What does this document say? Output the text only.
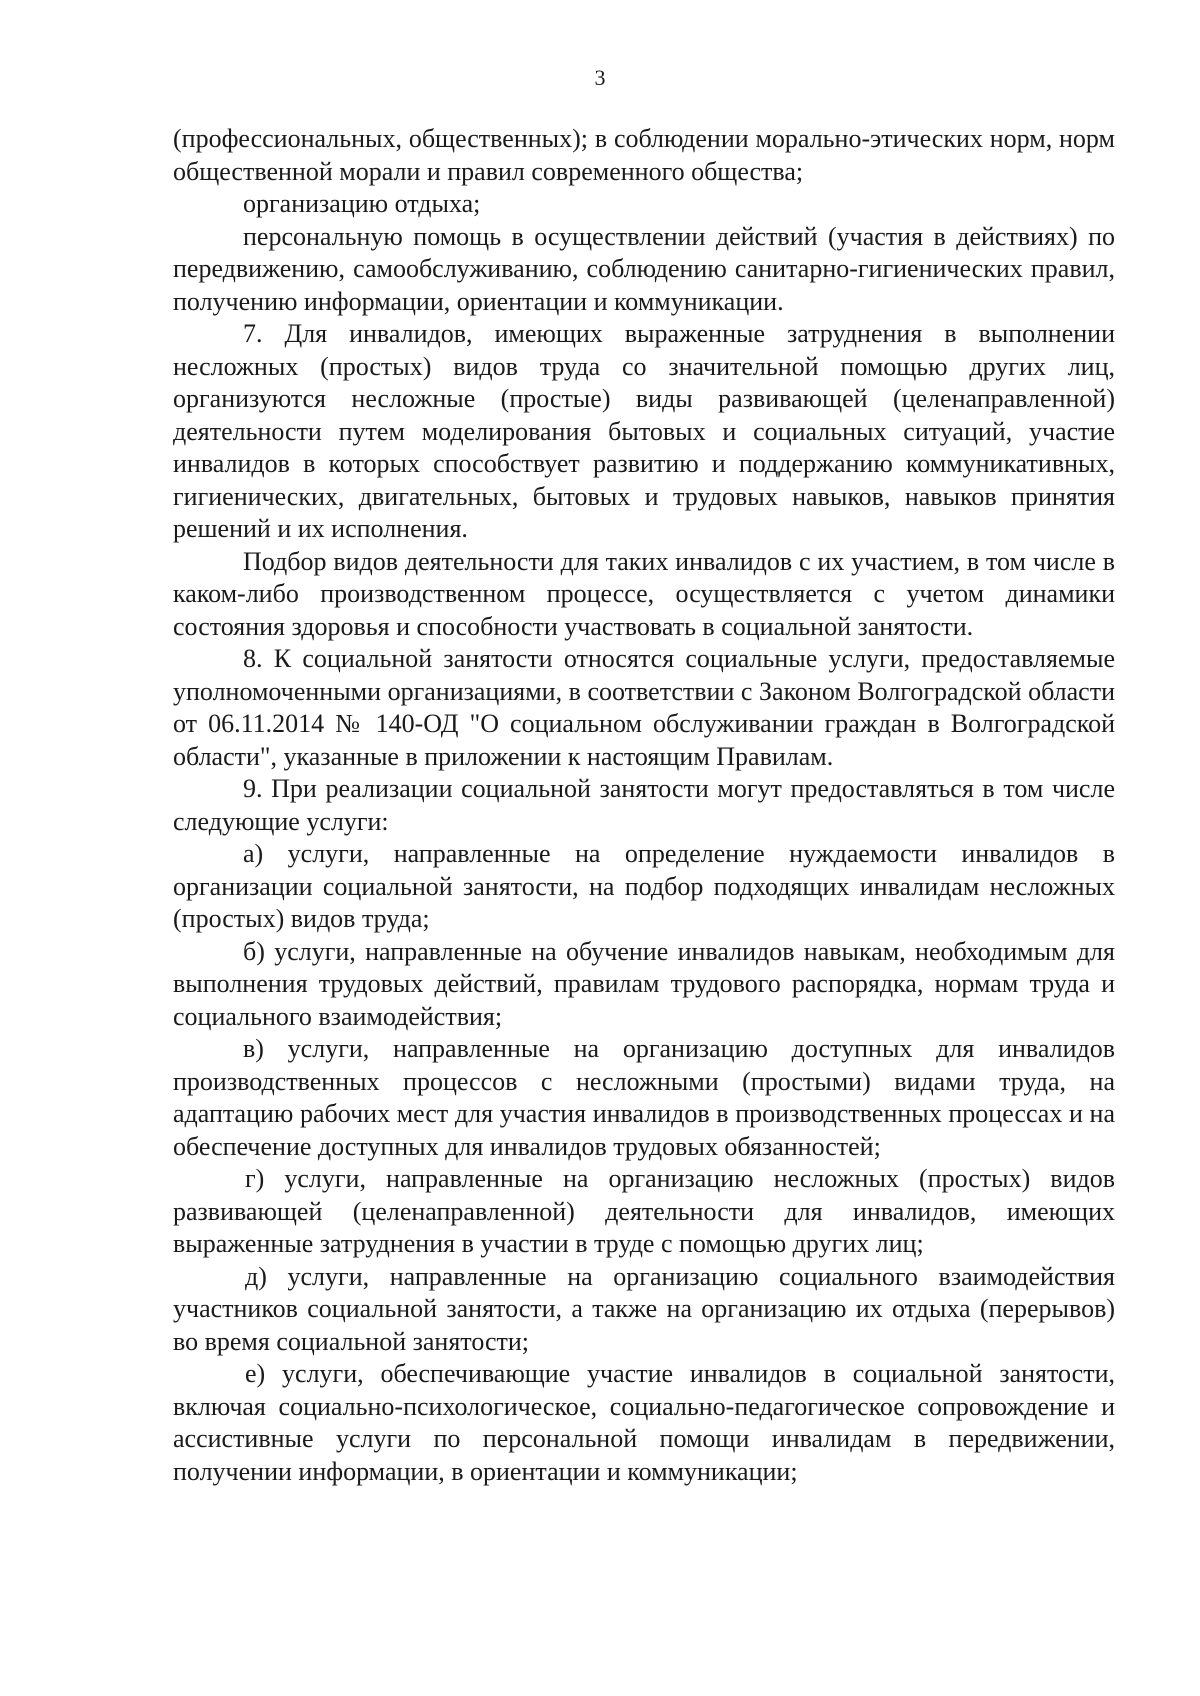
3

(профессиональных, общественных); в соблюдении морально-этических норм, норм общественной морали и правил современного общества;

организацию отдыха;

персональную помощь в осуществлении действий (участия в действиях) по передвижению, самообслуживанию, соблюдению санитарно-гигиенических правил, получению информации, ориентации и коммуникации.

7. Для инвалидов, имеющих выраженные затруднения в выполнении несложных (простых) видов труда со значительной помощью других лиц, организуются несложные (простые) виды развивающей (целенаправленной) деятельности путем моделирования бытовых и социальных ситуаций, участие инвалидов в которых способствует развитию и поддержанию коммуникативных, гигиенических, двигательных, бытовых и трудовых навыков, навыков принятия решений и их исполнения.

Подбор видов деятельности для таких инвалидов с их участием, в том числе в каком-либо производственном процессе, осуществляется с учетом динамики состояния здоровья и способности участвовать в социальной занятости.

8. К социальной занятости относятся социальные услуги, предоставляемые уполномоченными организациями, в соответствии с Законом Волгоградской области от 06.11.2014 № 140-ОД "О социальном обслуживании граждан в Волгоградской области", указанные в приложении к настоящим Правилам.

9. При реализации социальной занятости могут предоставляться в том числе следующие услуги:

а) услуги, направленные на определение нуждаемости инвалидов в организации социальной занятости, на подбор подходящих инвалидам несложных (простых) видов труда;

б) услуги, направленные на обучение инвалидов навыкам, необходимым для выполнения трудовых действий, правилам трудового распорядка, нормам труда и социального взаимодействия;

в) услуги, направленные на организацию доступных для инвалидов производственных процессов с несложными (простыми) видами труда, на адаптацию рабочих мест для участия инвалидов в производственных процессах и на обеспечение доступных для инвалидов трудовых обязанностей;

г) услуги, направленные на организацию несложных (простых) видов развивающей (целенаправленной) деятельности для инвалидов, имеющих выраженные затруднения в участии в труде с помощью других лиц;

д) услуги, направленные на организацию социального взаимодействия участников социальной занятости, а также на организацию их отдыха (перерывов) во время социальной занятости;

е) услуги, обеспечивающие участие инвалидов в социальной занятости, включая социально-психологическое, социально-педагогическое сопровождение и ассистивные услуги по персональной помощи инвалидам в передвижении, получении информации, в ориентации и коммуникации;
